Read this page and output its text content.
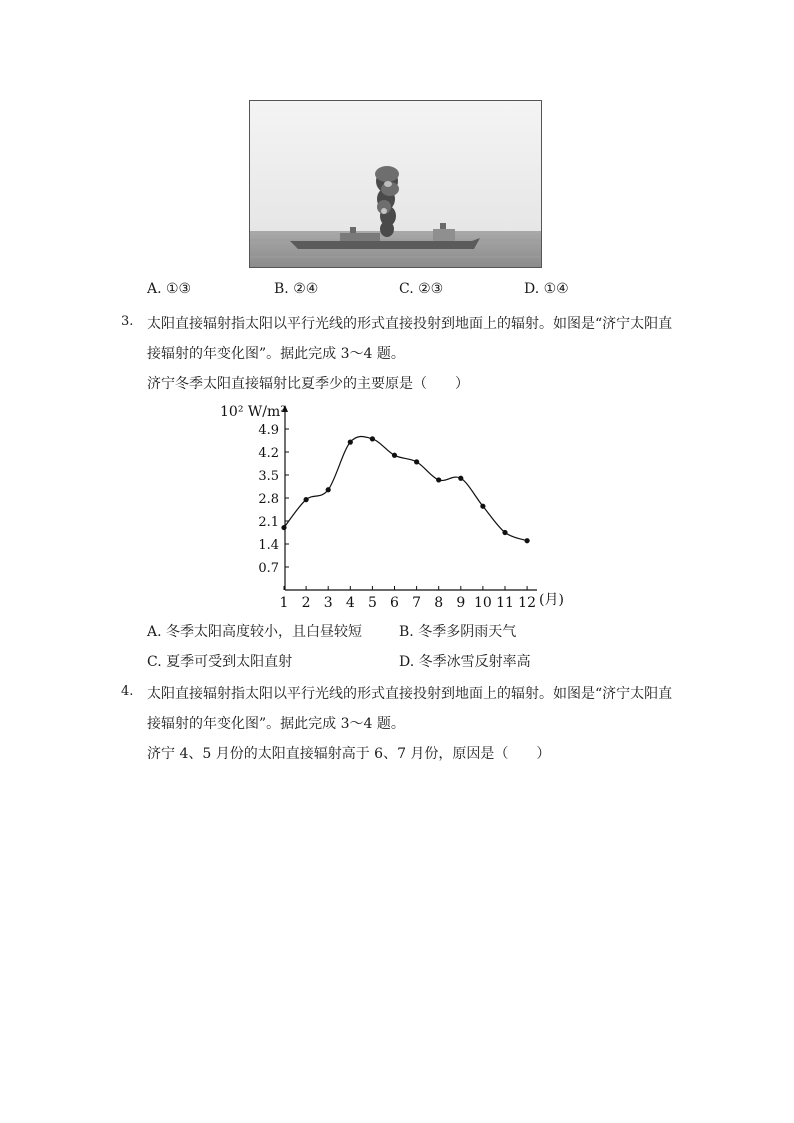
A. ①③	B. ②④	C. ②③	D. ①④
3. 太阳直接辐射指太阳以平行光线的形式直接投射到地面上的辐射。如图是“济宁太阳直
接辐射的年变化图”。据此完成 3～4 题。
济宁冬季太阳直接辐射比夏季少的主要原是（　　）
0.7
1.4
2.1
2.8
3.5
4.2
4.9
1 2 3 4 5 6 7 8 9 10 11 12
10² W/m²
(月)
A. 冬季太阳高度较小，且白昼较短	B. 冬季多阴雨天气
C. 夏季可受到太阳直射	D. 冬季冰雪反射率高
4. 太阳直接辐射指太阳以平行光线的形式直接投射到地面上的辐射。如图是“济宁太阳直
接辐射的年变化图”。据此完成 3～4 题。
济宁 4、5 月份的太阳直接辐射高于 6、7 月份，原因是（　　）
